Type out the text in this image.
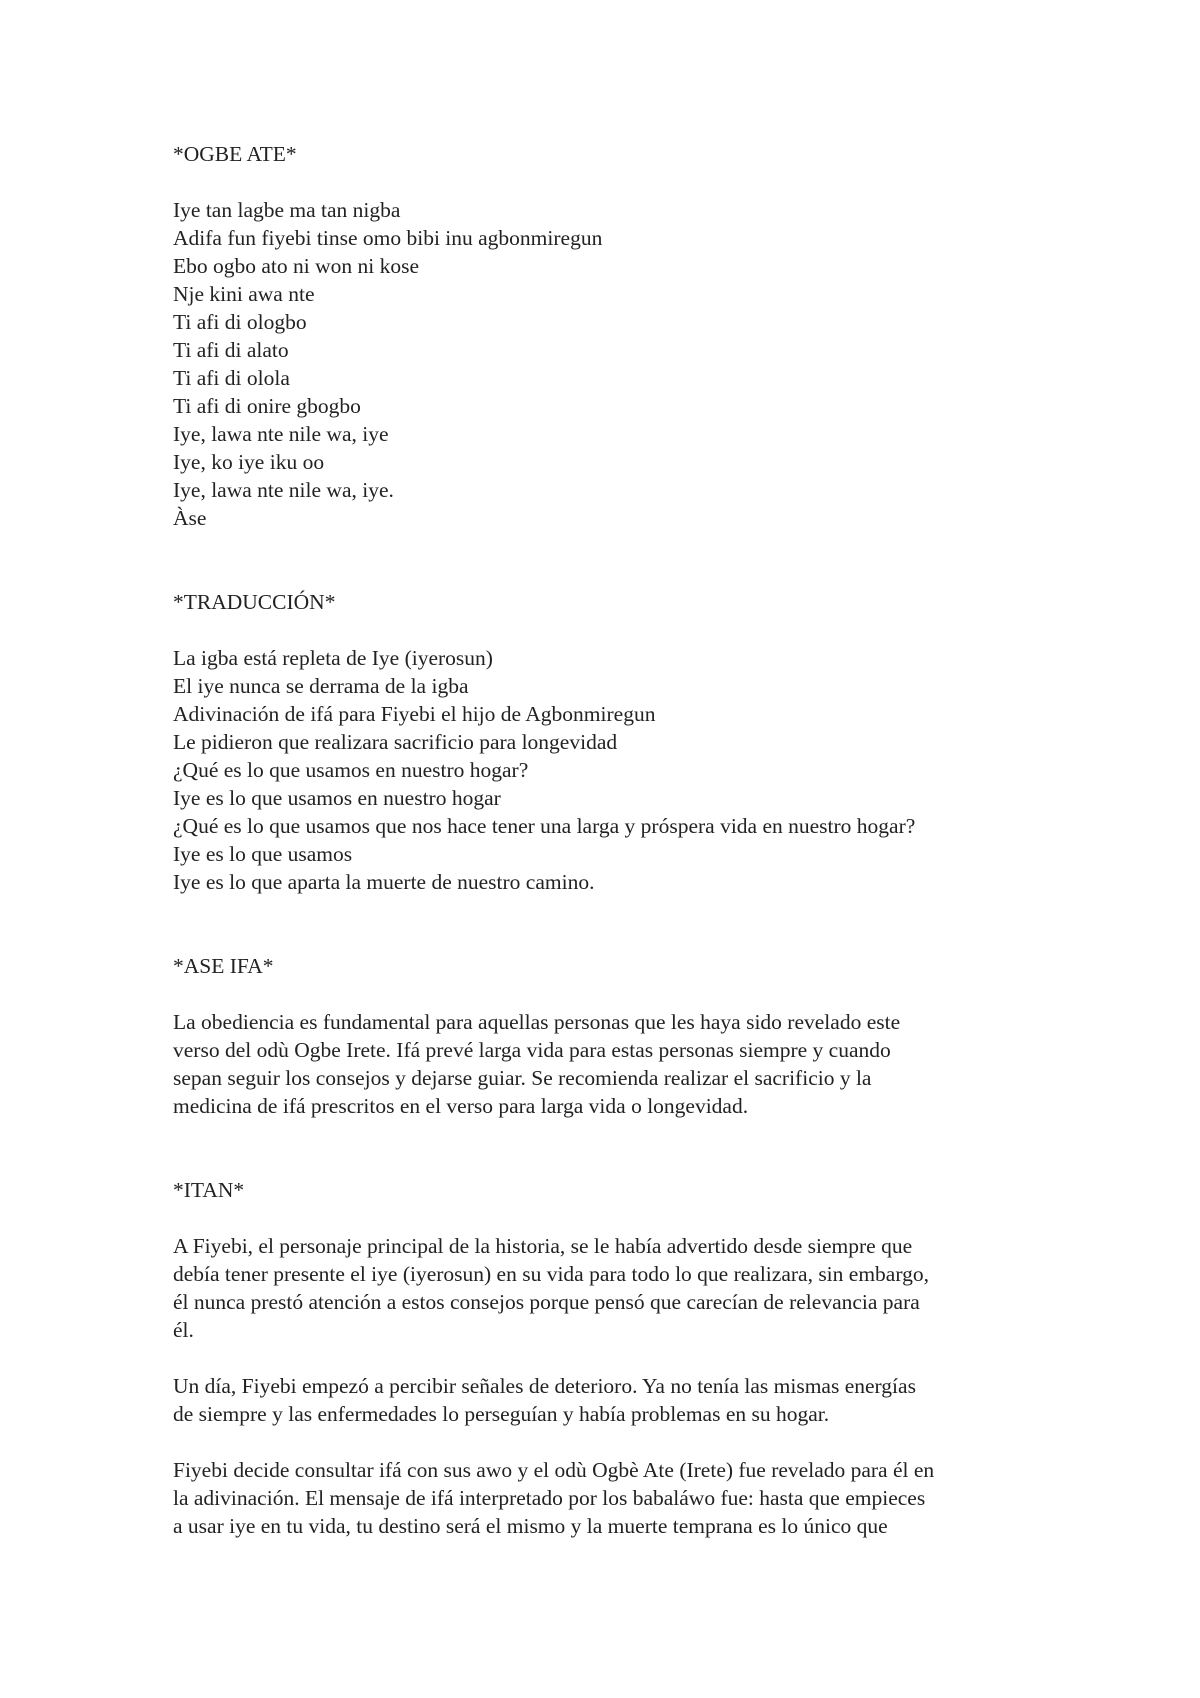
*OGBE ATE*
Iye tan lagbe ma tan nigba
Adifa fun fiyebi tinse omo bibi inu agbonmiregun
Ebo ogbo ato ni won ni kose
Nje kini awa nte
Ti afi di ologbo
Ti afi di alato
Ti afi di olola
Ti afi di onire gbogbo
Iye, lawa nte nile wa, iye
Iye, ko iye iku oo
Iye, lawa nte nile wa, iye.
Àse
*TRADUCCIÓN*
La igba está repleta de Iye (iyerosun)
El iye nunca se derrama de la igba
Adivinación de ifá para Fiyebi el hijo de Agbonmiregun
Le pidieron que realizara sacrificio para longevidad
¿Qué es lo que usamos en nuestro hogar?
Iye es lo que usamos en nuestro hogar
¿Qué es lo que usamos que nos hace tener una larga y próspera vida en nuestro hogar?
Iye es lo que usamos
Iye es lo que aparta la muerte de nuestro camino.
*ASE IFA*
La obediencia es fundamental para aquellas personas que les haya sido revelado este
verso del odù Ogbe Irete. Ifá prevé larga vida para estas personas siempre y cuando
sepan seguir los consejos y dejarse guiar. Se recomienda realizar el sacrificio y la
medicina de ifá prescritos en el verso para larga vida o longevidad.
*ITAN*
A Fiyebi, el personaje principal de la historia, se le había advertido desde siempre que
debía tener presente el iye (iyerosun) en su vida para todo lo que realizara, sin embargo,
él nunca prestó atención a estos consejos porque pensó que carecían de relevancia para
él.
Un día, Fiyebi empezó a percibir señales de deterioro. Ya no tenía las mismas energías
de siempre y las enfermedades lo perseguían y había problemas en su hogar.
Fiyebi decide consultar ifá con sus awo y el odù Ogbè Ate (Irete) fue revelado para él en
la adivinación. El mensaje de ifá interpretado por los babaláwo fue: hasta que empieces
a usar iye en tu vida, tu destino será el mismo y la muerte temprana es lo único que
